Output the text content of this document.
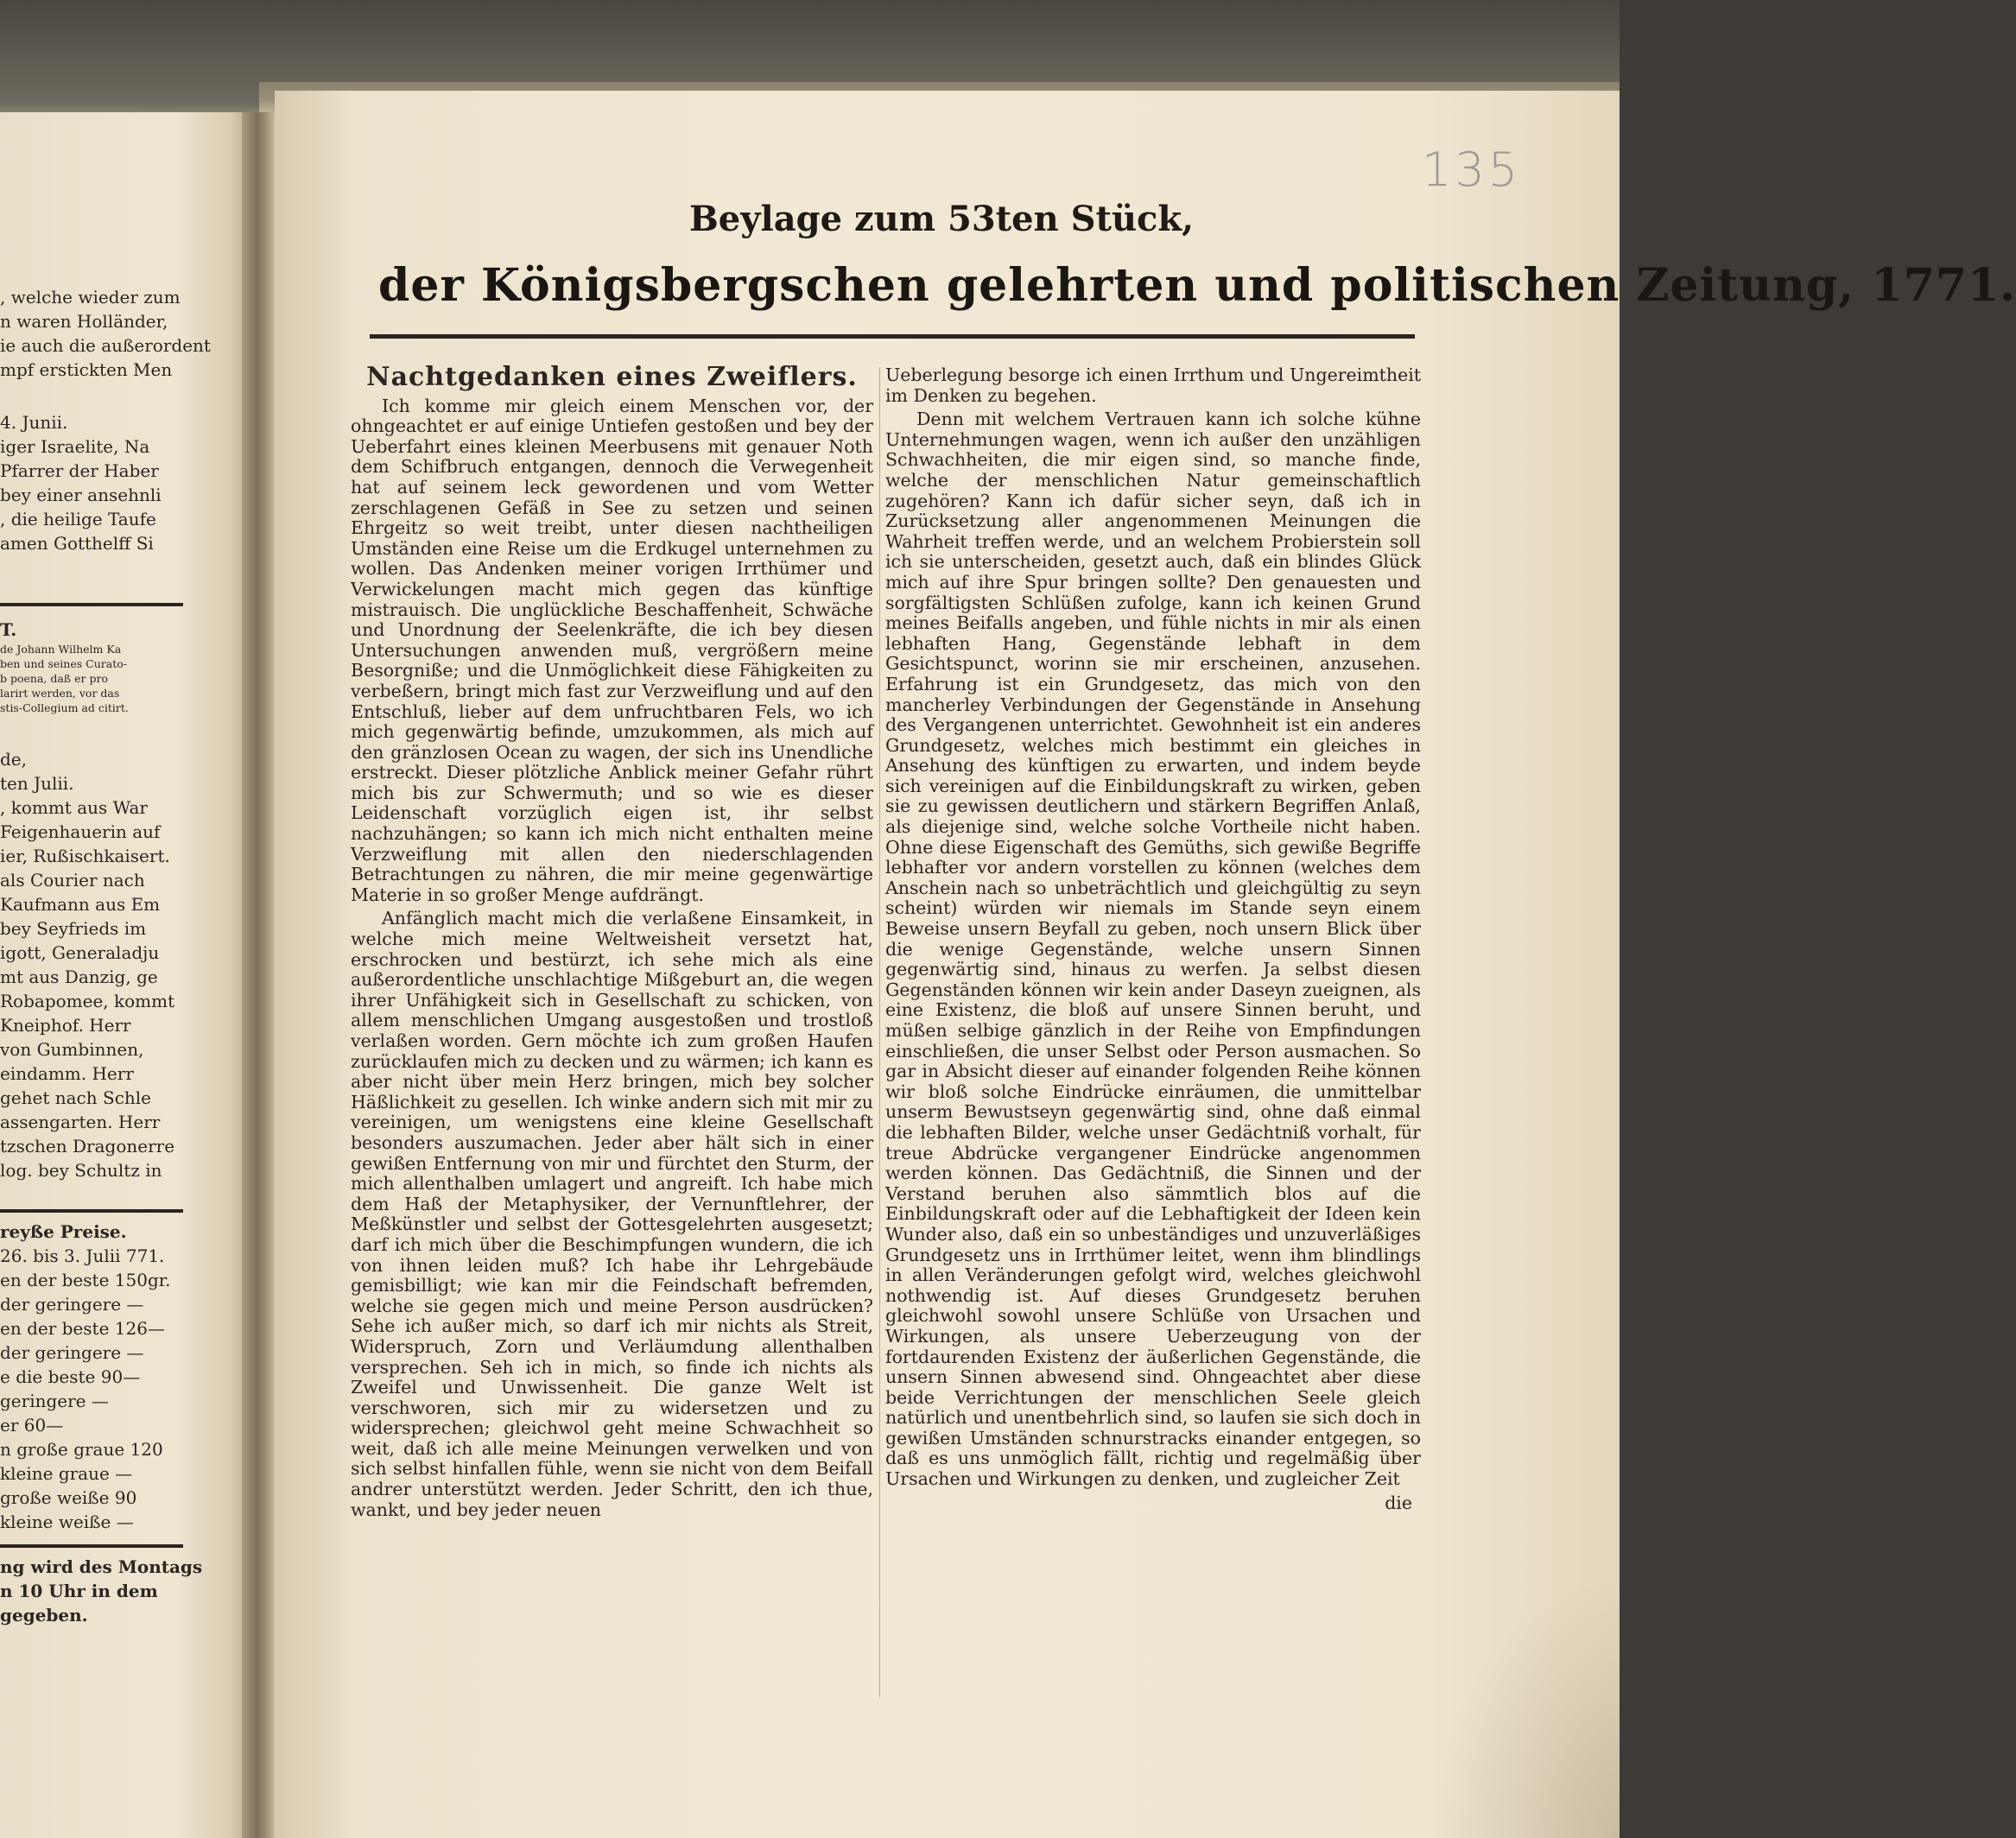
, welche wieder zum
n waren Holländer,
ie auch die außerordent
mpf erstickten Men
4. Junii.
iger Israelite, Na
Pfarrer der Haber
bey einer ansehnli
, die heilige Taufe
amen Gotthelff Si
T.
de Johann Wilhelm Ka
ben und seines Curato-
b poena, daß er pro
larirt werden, vor das
stis-Collegium ad citirt.
de,
ten Julii.
, kommt aus War
Feigenhauerin auf
ier, Rußischkaisert.
als Courier nach
Kaufmann aus Em
bey Seyfrieds im
igott, Generaladju
mt aus Danzig, ge
Robapomee, kommt
Kneiphof. Herr
von Gumbinnen,
eindamm. Herr
gehet nach Schle
assengarten. Herr
tzschen Dragonerre
log. bey Schultz in
reyße Preise.
26. bis 3. Julii 771.
en der beste 150gr.
der geringere —
en der beste 126—
der geringere —
e die beste 90—
geringere —
er 60—
n große graue 120
kleine graue —
große weiße 90
kleine weiße —
ng wird des Montags
n 10 Uhr in dem
gegeben.
135
Beylage zum 53ten Stück,
der Königsbergschen gelehrten und politischen Zeitung, 1771.
Nachtgedanken eines Zweiflers.

Ich komme mir gleich einem Menschen vor, der ohngeachtet er auf einige Untiefen gestoßen und bey der Ueberfahrt eines kleinen Meerbusens mit genauer Noth dem Schifbruch entgangen, dennoch die Verwegenheit hat auf seinem leck gewordenen und vom Wetter zerschlagenen Gefäß in See zu setzen und seinen Ehrgeitz so weit treibt, unter diesen nachtheiligen Umständen eine Reise um die Erdkugel unternehmen zu wollen. Das Andenken meiner vorigen Irrthümer und Verwickelungen macht mich gegen das künftige mistrauisch. Die unglückliche Beschaffenheit, Schwäche und Unordnung der Seelenkräfte, die ich bey diesen Untersuchungen anwenden muß, vergrößern meine Besorgniße; und die Unmöglichkeit diese Fähigkeiten zu verbeßern, bringt mich fast zur Verzweiflung und auf den Entschluß, lieber auf dem unfruchtbaren Fels, wo ich mich gegenwärtig befinde, umzukommen, als mich auf den gränzlosen Ocean zu wagen, der sich ins Unendliche erstreckt. Dieser plötzliche Anblick meiner Gefahr rührt mich bis zur Schwermuth; und so wie es dieser Leidenschaft vorzüglich eigen ist, ihr selbst nachzuhängen; so kann ich mich nicht enthalten meine Verzweiflung mit allen den niederschlagenden Betrachtungen zu nähren, die mir meine gegenwärtige Materie in so großer Menge aufdrängt.

Anfänglich macht mich die verlaßene Einsamkeit, in welche mich meine Weltweisheit versetzt hat, erschrocken und bestürzt, ich sehe mich als eine außerordentliche unschlachtige Mißgeburt an, die wegen ihrer Unfähigkeit sich in Gesellschaft zu schicken, von allem menschlichen Umgang ausgestoßen und trostloß verlaßen worden. Gern möchte ich zum großen Haufen zurücklaufen mich zu decken und zu wärmen; ich kann es aber nicht über mein Herz bringen, mich bey solcher Häßlichkeit zu gesellen. Ich winke andern sich mit mir zu vereinigen, um wenigstens eine kleine Gesellschaft besonders auszumachen. Jeder aber hält sich in einer gewißen Entfernung von mir und fürchtet den Sturm, der mich allenthalben umlagert und angreift. Ich habe mich dem Haß der Metaphysiker, der Vernunftlehrer, der Meßkünstler und selbst der Gottesgelehrten ausgesetzt; darf ich mich über die Beschimpfungen wundern, die ich von ihnen leiden muß? Ich habe ihr Lehrgebäude gemisbilligt; wie kan mir die Feindschaft befremden, welche sie gegen mich und meine Person ausdrücken? Sehe ich außer mich, so darf ich mir nichts als Streit, Widerspruch, Zorn und Verläumdung allenthalben versprechen. Seh ich in mich, so finde ich nichts als Zweifel und Unwissenheit. Die ganze Welt ist verschworen, sich mir zu widersetzen und zu widersprechen; gleichwol geht meine Schwachheit so weit, daß ich alle meine Meinungen verwelken und von sich selbst hinfallen fühle, wenn sie nicht von dem Beifall andrer unterstützt werden. Jeder Schritt, den ich thue, wankt, und bey jeder neuen

Ueberlegung besorge ich einen Irrthum und Ungereimtheit im Denken zu begehen.

Denn mit welchem Vertrauen kann ich solche kühne Unternehmungen wagen, wenn ich außer den unzähligen Schwachheiten, die mir eigen sind, so manche finde, welche der menschlichen Natur gemeinschaftlich zugehören? Kann ich dafür sicher seyn, daß ich in Zurücksetzung aller angenommenen Meinungen die Wahrheit treffen werde, und an welchem Probierstein soll ich sie unterscheiden, gesetzt auch, daß ein blindes Glück mich auf ihre Spur bringen sollte? Den genauesten und sorgfältigsten Schlüßen zufolge, kann ich keinen Grund meines Beifalls angeben, und fühle nichts in mir als einen lebhaften Hang, Gegenstände lebhaft in dem Gesichtspunct, worinn sie mir erscheinen, anzusehen. Erfahrung ist ein Grundgesetz, das mich von den mancherley Verbindungen der Gegenstände in Ansehung des Vergangenen unterrichtet. Gewohnheit ist ein anderes Grundgesetz, welches mich bestimmt ein gleiches in Ansehung des künftigen zu erwarten, und indem beyde sich vereinigen auf die Einbildungskraft zu wirken, geben sie zu gewissen deutlichern und stärkern Begriffen Anlaß, als diejenige sind, welche solche Vortheile nicht haben. Ohne diese Eigenschaft des Gemüths, sich gewiße Begriffe lebhafter vor andern vorstellen zu können (welches dem Anschein nach so unbeträchtlich und gleichgültig zu seyn scheint) würden wir niemals im Stande seyn einem Beweise unsern Beyfall zu geben, noch unsern Blick über die wenige Gegenstände, welche unsern Sinnen gegenwärtig sind, hinaus zu werfen. Ja selbst diesen Gegenständen können wir kein ander Daseyn zueignen, als eine Existenz, die bloß auf unsere Sinnen beruht, und müßen selbige gänzlich in der Reihe von Empfindungen einschließen, die unser Selbst oder Person ausmachen. So gar in Absicht dieser auf einander folgenden Reihe können wir bloß solche Eindrücke einräumen, die unmittelbar unserm Bewustseyn gegenwärtig sind, ohne daß einmal die lebhaften Bilder, welche unser Gedächtniß vorhalt, für treue Abdrücke vergangener Eindrücke angenommen werden können. Das Gedächtniß, die Sinnen und der Verstand beruhen also sämmtlich blos auf die Einbildungskraft oder auf die Lebhaftigkeit der Ideen kein Wunder also, daß ein so unbeständiges und unzuverläßiges Grundgesetz uns in Irrthümer leitet, wenn ihm blindlings in allen Veränderungen gefolgt wird, welches gleichwohl nothwendig ist. Auf dieses Grundgesetz beruhen gleichwohl sowohl unsere Schlüße von Ursachen und Wirkungen, als unsere Ueberzeugung von der fortdaurenden Existenz der äußerlichen Gegenstände, die unsern Sinnen abwesend sind. Ohngeachtet aber diese beide Verrichtungen der menschlichen Seele gleich natürlich und unentbehrlich sind, so laufen sie sich doch in gewißen Umständen schnurstracks einander entgegen, so daß es uns unmöglich fällt, richtig und regelmäßig über Ursachen und Wirkungen zu denken, und zugleicher Zeit

die
